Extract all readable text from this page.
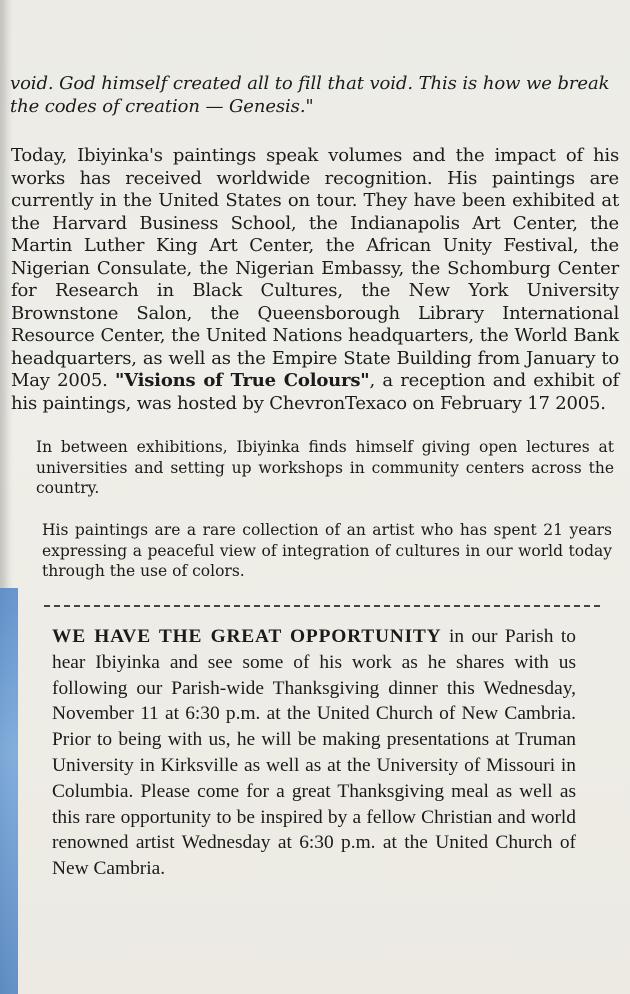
void. God himself created all to fill that void. This is how we break the codes of creation — Genesis."

Today, Ibiyinka's paintings speak volumes and the impact of his works has received worldwide recognition. His paintings are currently in the United States on tour. They have been exhibited at the Harvard Business School, the Indianapolis Art Center, the Martin Luther King Art Center, the African Unity Festival, the Nigerian Consulate, the Nigerian Embassy, the Schomburg Center for Research in Black Cultures, the New York University Brownstone Salon, the Queensborough Library International Resource Center, the United Nations headquarters, the World Bank headquarters, as well as the Empire State Building from January to May 2005. "Visions of True Colours", a reception and exhibit of his paintings, was hosted by ChevronTexaco on February 17 2005.

In between exhibitions, Ibiyinka finds himself giving open lectures at universities and setting up workshops in community centers across the country.

His paintings are a rare collection of an artist who has spent 21 years expressing a peaceful view of integration of cultures in our world today through the use of colors.

WE HAVE THE GREAT OPPORTUNITY in our Parish to hear Ibiyinka and see some of his work as he shares with us following our Parish-wide Thanksgiving dinner this Wednesday, November 11 at 6:30 p.m. at the United Church of New Cambria. Prior to being with us, he will be making presentations at Truman University in Kirksville as well as at the University of Missouri in Columbia. Please come for a great Thanksgiving meal as well as this rare opportunity to be inspired by a fellow Christian and world renowned artist Wednesday at 6:30 p.m. at the United Church of New Cambria.
